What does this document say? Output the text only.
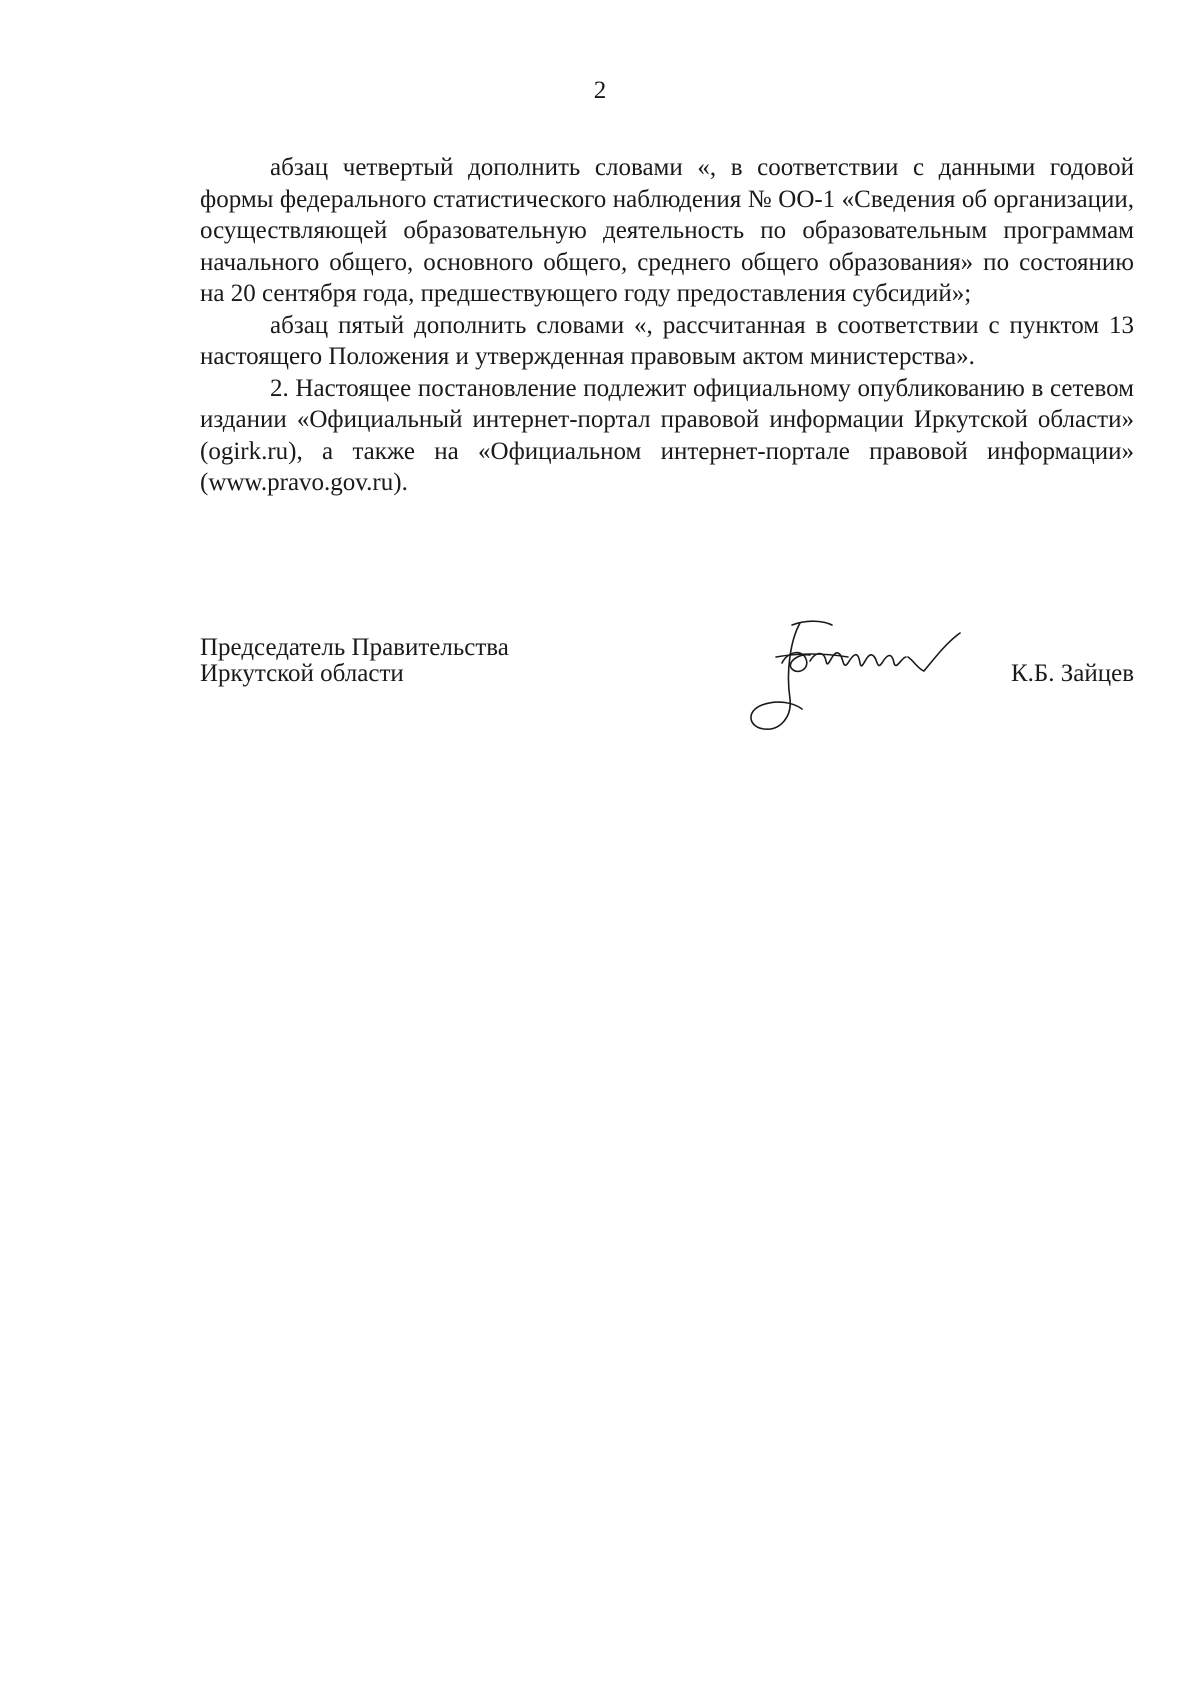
2

абзац четвертый дополнить словами «, в соответствии с данными годовой формы федерального статистического наблюдения № ОО-1 «Сведения об организации, осуществляющей образовательную деятельность по образовательным программам начального общего, основного общего, среднего общего образования» по состоянию на 20 сентября года, предшествующего году предоставления субсидий»;

абзац пятый дополнить словами «, рассчитанная в соответствии с пунктом 13 настоящего Положения и утвержденная правовым актом министерства».

2. Настоящее постановление подлежит официальному опубликованию в сетевом издании «Официальный интернет-портал правовой информации Иркутской области» (ogirk.ru), а также на «Официальном интернет-портале правовой информации» (www.pravo.gov.ru).

Председатель Правительства
Иркутской области	К.Б. Зайцев
